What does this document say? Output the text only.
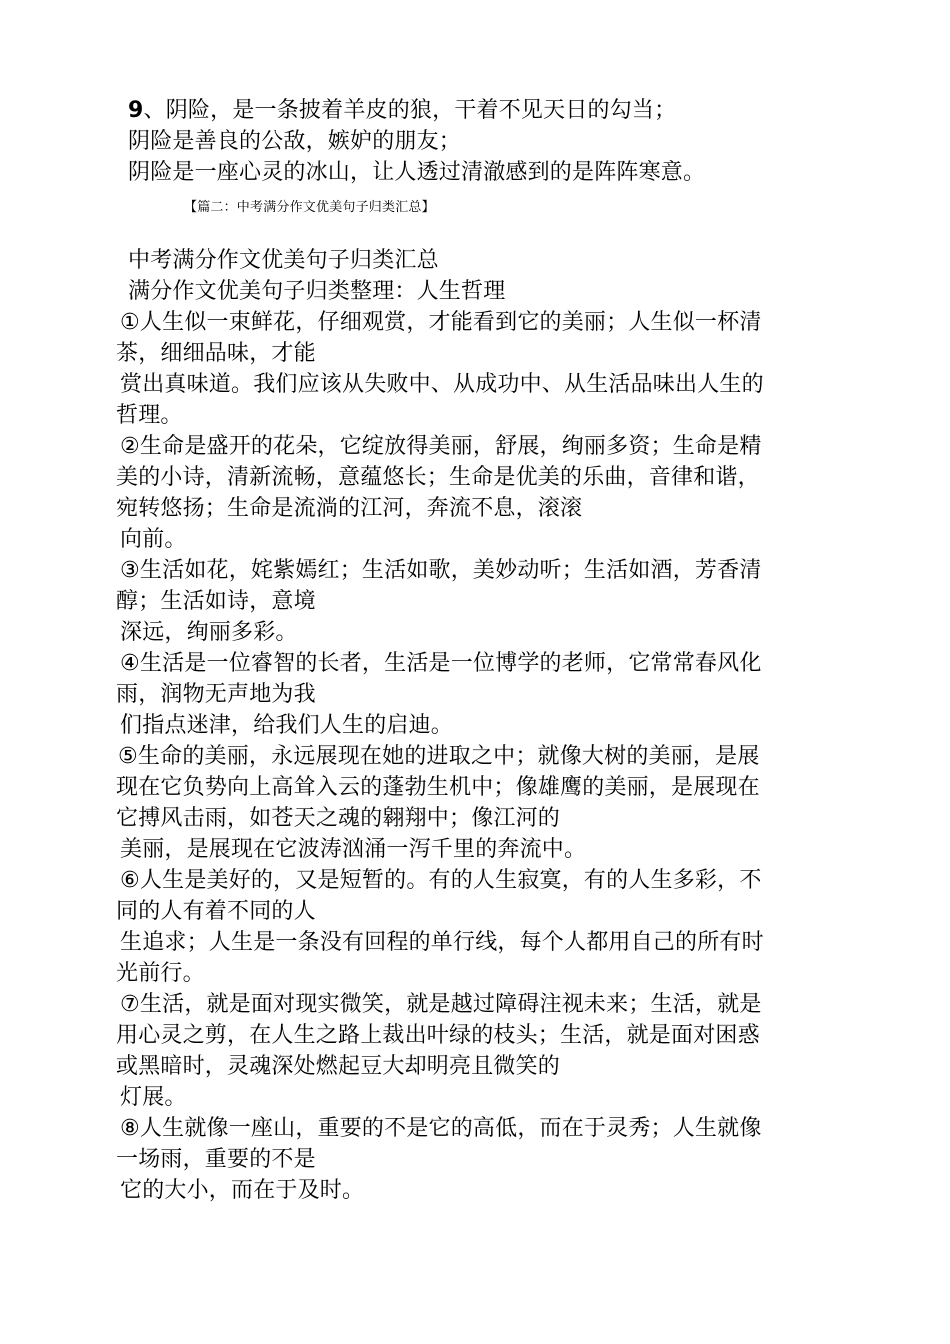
9、阴险，是一条披着羊皮的狼，干着不见天日的勾当；
阴险是善良的公敌，嫉妒的朋友；
阴险是一座心灵的冰山，让人透过清澈感到的是阵阵寒意。
【篇二：中考满分作文优美句子归类汇总】
中考满分作文优美句子归类汇总
满分作文优美句子归类整理：人生哲理
①人生似一束鲜花，仔细观赏，才能看到它的美丽；人生似一杯清
茶，细细品味，才能
赏出真味道。我们应该从失败中、从成功中、从生活品味出人生的
哲理。
②生命是盛开的花朵，它绽放得美丽，舒展，绚丽多资；生命是精
美的小诗，清新流畅，意蕴悠长；生命是优美的乐曲，音律和谐，
宛转悠扬；生命是流淌的江河，奔流不息，滚滚
向前。
③生活如花，姹紫嫣红；生活如歌，美妙动听；生活如酒，芳香清
醇；生活如诗，意境
深远，绚丽多彩。
④生活是一位睿智的长者，生活是一位博学的老师，它常常春风化
雨，润物无声地为我
们指点迷津，给我们人生的启迪。
⑤生命的美丽，永远展现在她的进取之中；就像大树的美丽，是展
现在它负势向上高耸入云的蓬勃生机中；像雄鹰的美丽，是展现在
它搏风击雨，如苍天之魂的翱翔中；像江河的
美丽，是展现在它波涛汹涌一泻千里的奔流中。
⑥人生是美好的，又是短暂的。有的人生寂寞，有的人生多彩，不
同的人有着不同的人
生追求；人生是一条没有回程的单行线，每个人都用自己的所有时
光前行。
⑦生活，就是面对现实微笑，就是越过障碍注视未来；生活，就是
用心灵之剪，在人生之路上裁出叶绿的枝头；生活，就是面对困惑
或黑暗时，灵魂深处燃起豆大却明亮且微笑的
灯展。
⑧人生就像一座山，重要的不是它的高低，而在于灵秀；人生就像
一场雨，重要的不是
它的大小，而在于及时。
